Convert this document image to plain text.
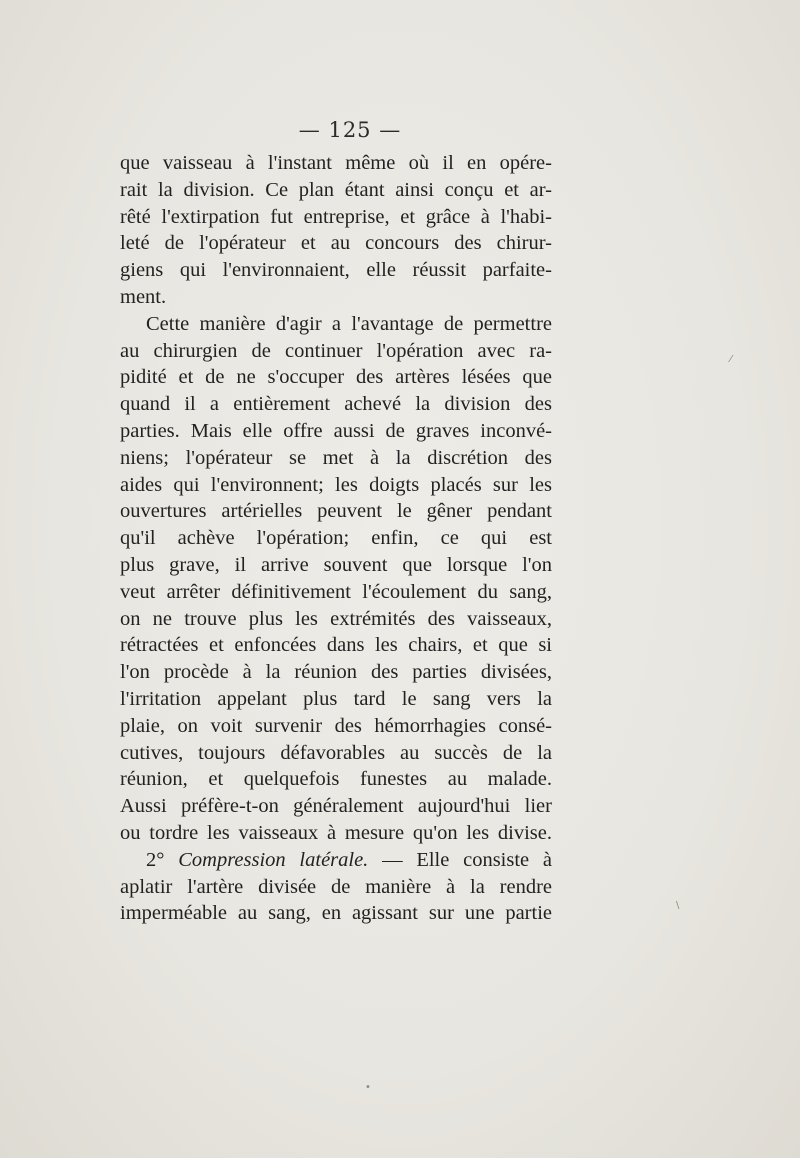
— 125 —
que vaisseau à l'instant même où il en opére-
rait la division. Ce plan étant ainsi conçu et ar-
rêté l'extirpation fut entreprise, et grâce à l'habi-
leté de l'opérateur et au concours des chirur-
giens qui l'environnaient, elle réussit parfaite-
ment.
Cette manière d'agir a l'avantage de permettre
au chirurgien de continuer l'opération avec ra-
pidité et de ne s'occuper des artères lésées que
quand il a entièrement achevé la division des
parties. Mais elle offre aussi de graves inconvé-
niens; l'opérateur se met à la discrétion des
aides qui l'environnent; les doigts placés sur les
ouvertures artérielles peuvent le gêner pendant
qu'il achève l'opération; enfin, ce qui est
plus grave, il arrive souvent que lorsque l'on
veut arrêter définitivement l'écoulement du sang,
on ne trouve plus les extrémités des vaisseaux,
rétractées et enfoncées dans les chairs, et que si
l'on procède à la réunion des parties divisées,
l'irritation appelant plus tard le sang vers la
plaie, on voit survenir des hémorrhagies consé-
cutives, toujours défavorables au succès de la
réunion, et quelquefois funestes au malade.
Aussi préfère-t-on généralement aujourd'hui lier
ou tordre les vaisseaux à mesure qu'on les divise.
2° Compression latérale. — Elle consiste à
aplatir l'artère divisée de manière à la rendre
imperméable au sang, en agissant sur une partie
⁄
\
•
